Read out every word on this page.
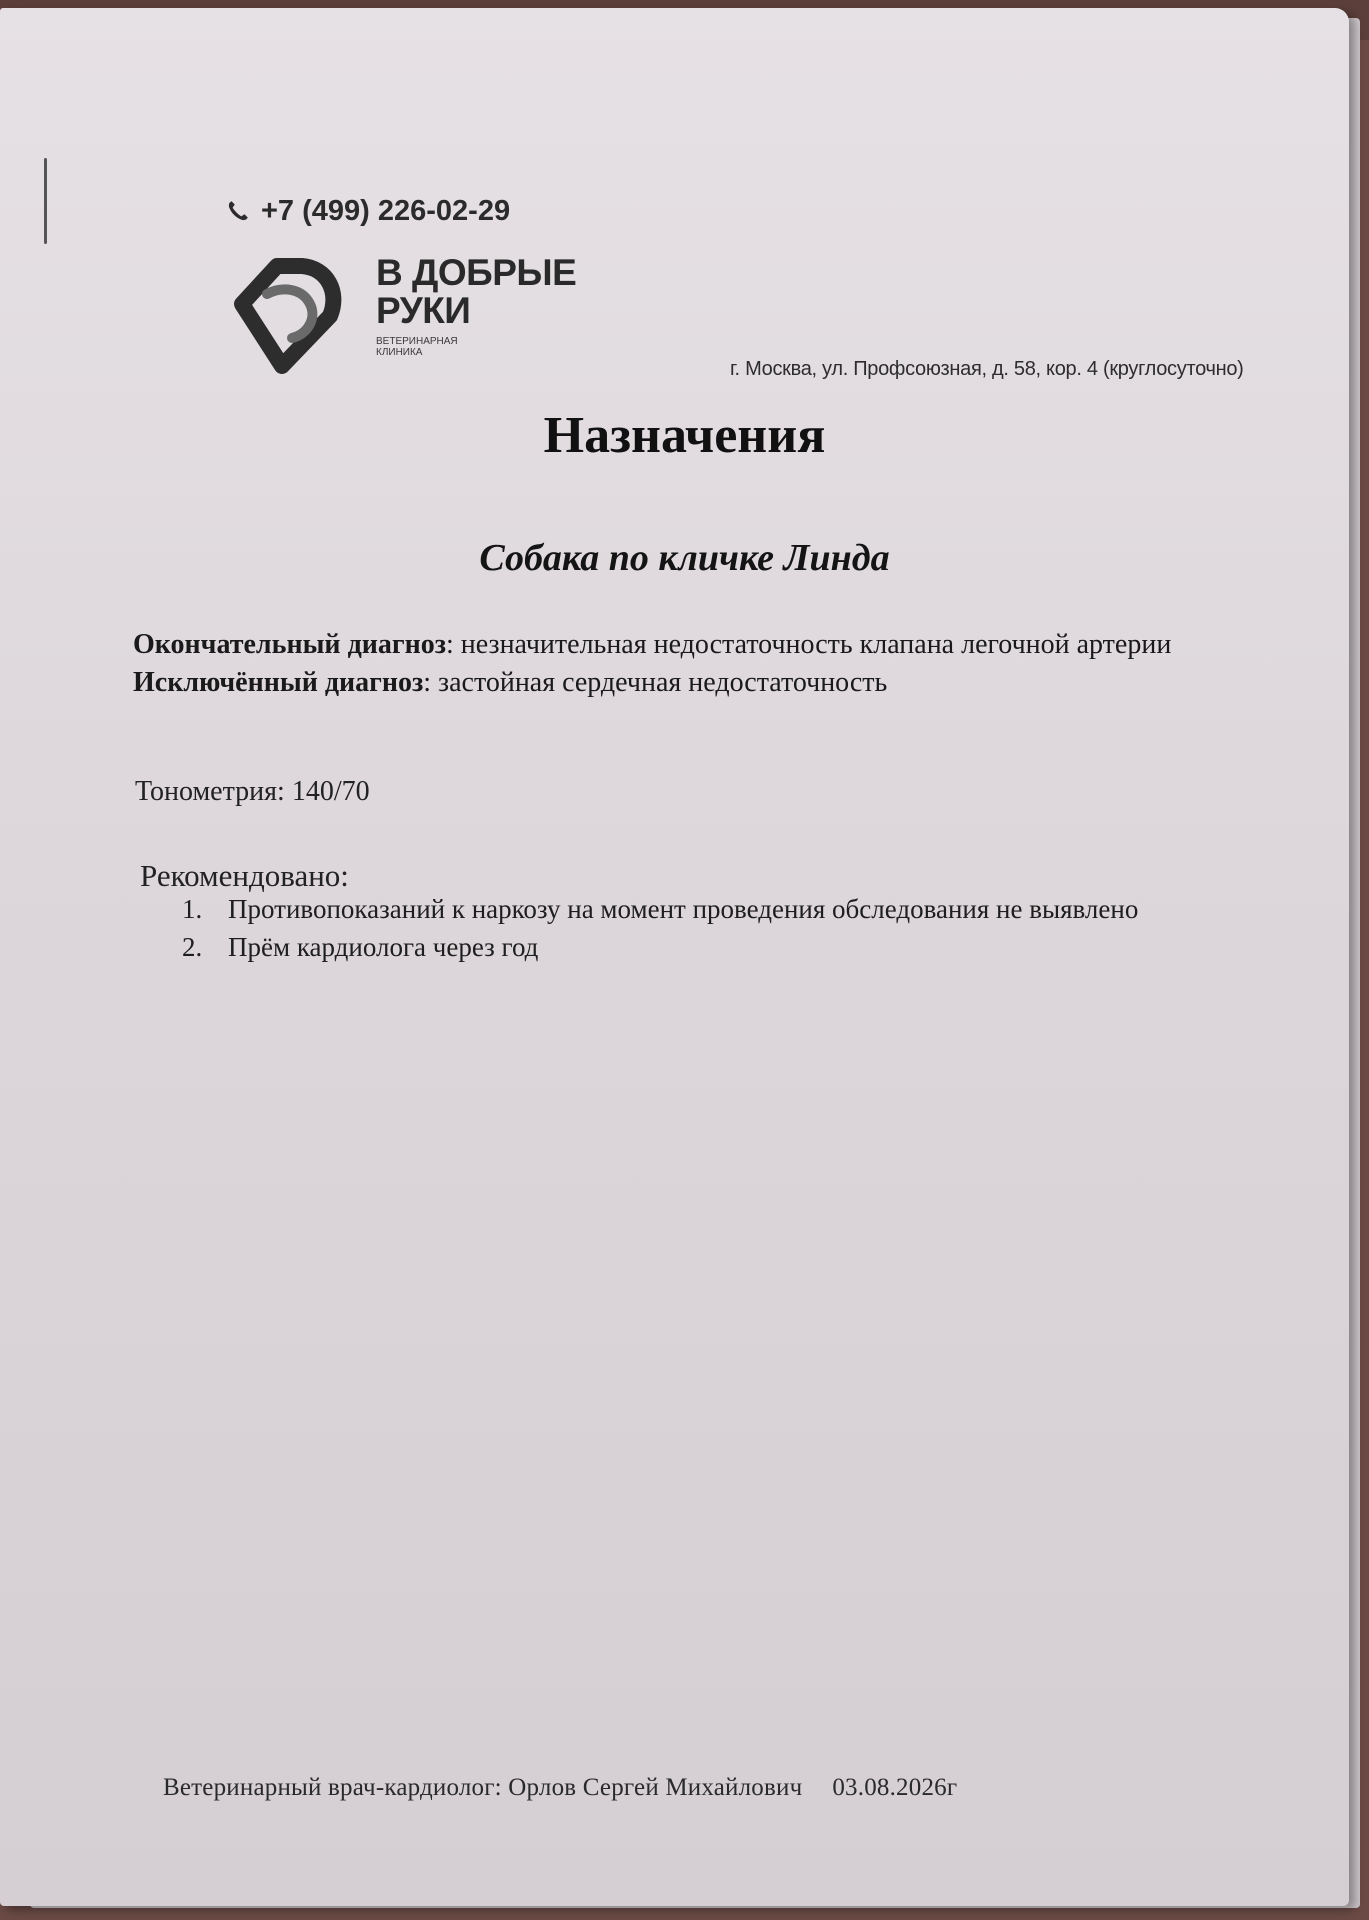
+7 (499) 226-02-29
В ДОБРЫЕ
РУКИ
ВЕТЕРИНАРНАЯ
КЛИНИКА
г. Москва, ул. Профсоюзная, д. 58, кор. 4 (круглосуточно)
Назначения
Собака по кличке Линда

Окончательный диагноз: незначительная недостаточность клапана легочной артерии

Исключённый диагноз: застойная сердечная недостаточность

Тонометрия: 140/70
Рекомендовано:
1. Противопоказаний к наркозу на момент проведения обследования не выявлено
2. Прём кардиолога через год
Ветеринарный врач-кардиолог: Орлов Сергей Михайлович 03.08.2026г
